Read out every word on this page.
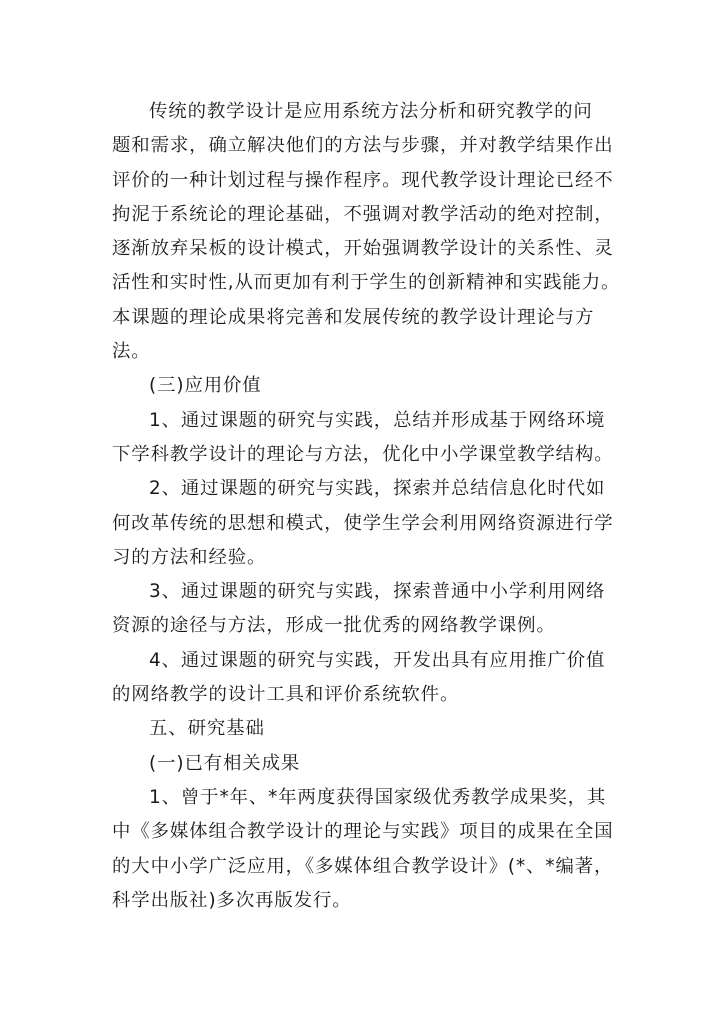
传统的教学设计是应用系统方法分析和研究教学的问
题和需求，确立解决他们的方法与步骤，并对教学结果作出
评价的一种计划过程与操作程序。现代教学设计理论已经不
拘泥于系统论的理论基础，不强调对教学活动的绝对控制，
逐渐放弃呆板的设计模式，开始强调教学设计的关系性、灵
活性和实时性,从而更加有利于学生的创新精神和实践能力。
本课题的理论成果将完善和发展传统的教学设计理论与方
法。
(三)应用价值
1、通过课题的研究与实践，总结并形成基于网络环境
下学科教学设计的理论与方法，优化中小学课堂教学结构。
2、通过课题的研究与实践，探索并总结信息化时代如
何改革传统的思想和模式，使学生学会利用网络资源进行学
习的方法和经验。
3、通过课题的研究与实践，探索普通中小学利用网络
资源的途径与方法，形成一批优秀的网络教学课例。
4、通过课题的研究与实践，开发出具有应用推广价值
的网络教学的设计工具和评价系统软件。
五、研究基础
(一)已有相关成果
1、曾于*年、*年两度获得国家级优秀教学成果奖，其
中《多媒体组合教学设计的理论与实践》项目的成果在全国
的大中小学广泛应用，《多媒体组合教学设计》(*、*编著，
科学出版社)多次再版发行。
